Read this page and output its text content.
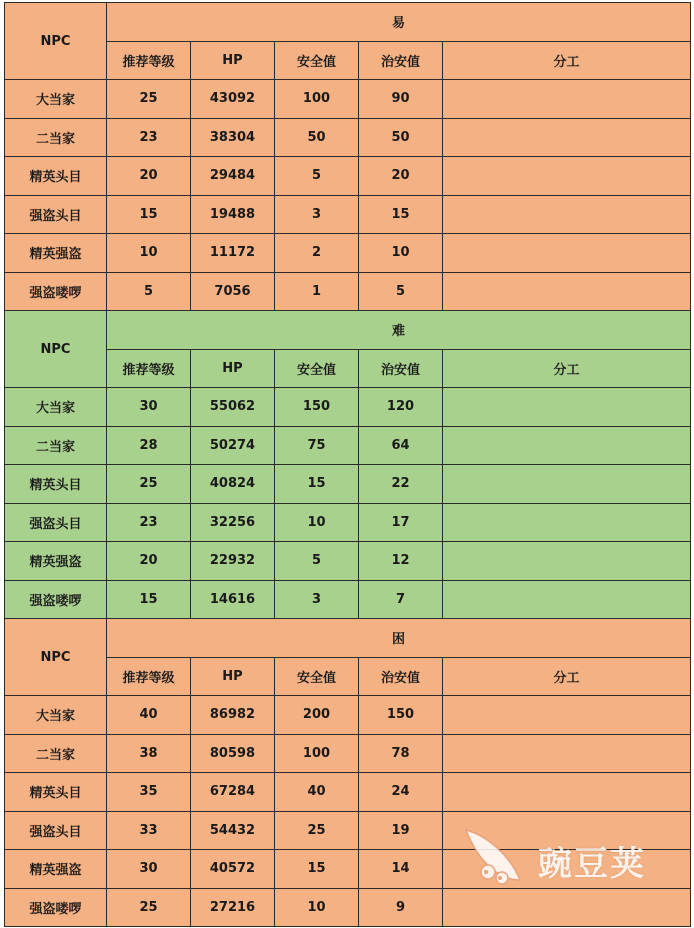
NPC	易				
	推荐等级	HP	安全值	治安值	分工
大当家	25	43092	100	90	
二当家	23	38304	50	50	
精英头目	20	29484	5	20	
强盗头目	15	19488	3	15	
精英强盗	10	11172	2	10	
强盗喽啰	5	7056	1	5	
NPC	难				
	推荐等级	HP	安全值	治安值	分工
大当家	30	55062	150	120	
二当家	28	50274	75	64	
精英头目	25	40824	15	22	
强盗头目	23	32256	10	17	
精英强盗	20	22932	5	12	
强盗喽啰	15	14616	3	7	
NPC	困				
	推荐等级	HP	安全值	治安值	分工
大当家	40	86982	200	150	
二当家	38	80598	100	78	
精英头目	35	67284	40	24	
强盗头目	33	54432	25	19	
精英强盗	30	40572	15	14	
强盗喽啰	25	27216	10	9	
豌豆荚
